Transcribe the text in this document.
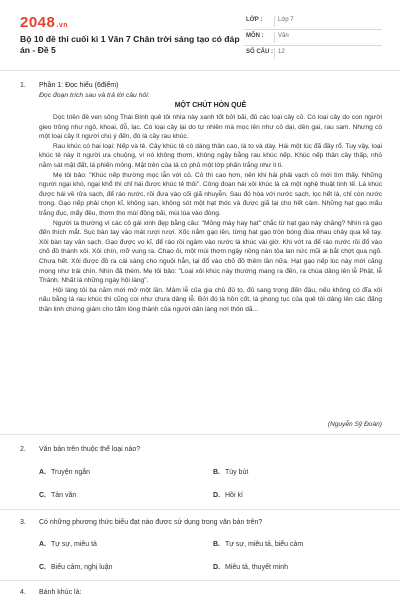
2048.vn
Bộ 10 đề thi cuối kì 1 Văn 7 Chân trời sáng tạo có đáp án - Đề 5
LỚP :	Lớp 7
MÔN : Văn
SỐ CÂU : 12
1. Phần 1: Đọc hiểu (6điểm)
Đọc đoạn trích sau và trả lời câu hỏi:
MỘT CHÚT HÒN QUÊ

Dọc triền đê ven sông Thái Bình quê tôi nhìa này xanh tốt bởi bãi, đủ các loại cây cỏ. Có loại cây do con người gieo trồng như ngô, khoai, đỗ, lạc. Có loại cây lại do tự nhiên mà mọc lên như cỏ dại, dền gai, rau sam. Nhưng có một loại cây ít người chú ý đến, đó là cây rau khúc.

Rau khúc có hai loại: Nếp và tẻ. Cây khúc tẻ có dáng thân cao, lá to và dày. Hái một lúc đã đầy rổ. Tuy vậy, loại khúc tẻ này ít người ưa chuộng, vì nó không thơm, không ngậy bằng rau khúc nếp. Khúc nếp thân cây thấp, nhỏ nằm sát mặt đất, lá phiến mỏng. Mặt trên của lá có phủ một lớp phấn trắng như li ti.

Mẹ tôi bảo: "Khúc nếp thường mọc lẫn với cỏ. Cỏ thì cao hơn, nên khi hái phải vạch cỏ mới tìm thấy. Những người ngại khó, ngại khổ thì chỉ hái được khúc tẻ thôi". Công đoạn hái xôi khúc là cả một nghệ thuật tinh tế. Lá khúc được hái về rửa sạch, để ráo nước, rồi đưa vào cối giã nhuyễn. Sau đó hòa với nước sạch, lọc hết lá, chỉ còn nước trong. Gạo nếp phải chọn kĩ, không sạn, không sót một hạt thóc và được giã lại cho hết cám. Những hạt gạo mẩu trắng đục, mẩy đều, thơm tho mùi đồng bãi, mùi lúa vào đòng.

Người ta thường ví các cô gái xinh đẹp bằng câu: "Mỏng mày hay hạt" chắc từ hạt gạo này chăng? Nhìn rá gạo đến thích mắt. Sục bàn tay vào mát rượi rượi. Xốc nắm gạo lên, từng hạt gạo tròn bóng đùa nhau chảy qua kẽ tay. Xôi bàn tay vân sạch. Gạo được vo kĩ, để ráo rồi ngâm vào nước lá khúc vài giờ. Khi vớt ra để ráo nước rồi đổ vào chõ đồ thành xôi. Xôi chín, mỡ vung ra. Chao ôi, một mùi thơm ngậy nồng nàn tỏa lan nức mũi ai bắt chợt qua ngõ. Chưa hết. Xôi được đồ ra cái sàng cho nguội hẳn, lại đổ vào chõ đồ thêm lần nữa. Hạt gạo nếp lúc này mới căng mọng như trái chín. Nhìn đã thèm. Mẹ tôi bảo: "Loại xôi khúc này thường mang ra đền, ra chùa dâng lên lễ Phật, lễ Thánh. Nhất là những ngày hội làng".

Hội làng tôi ba năm mới mở một lần. Mâm lễ của gia chủ đủ to, đủ sang trọng đến đâu, nếu không có đĩa xôi nấu bằng lá rau khúc thì cũng coi như chưa dâng lễ. Bởi đó là hồn cốt, là phong tục của quê tôi dâng lên các đấng thần linh chứng giám cho tấm lòng thành của người dân làng nơi thôn dã...

(Nguyễn Sỹ Đoàn)
2. Văn bản trên thuộc thể loại nào?
A. Truyện ngắn	B. Tùy bút
C. Tản văn	D. Hồi kí
3. Có những phương thức biểu đạt nào được sử dụng trong văn bản trên?
A. Tự sự, miêu tả	B. Tự sự, miêu tả, biểu cảm
C. Biểu cảm, nghị luận	D. Miêu tả, thuyết minh
4. Bánh khúc là:
